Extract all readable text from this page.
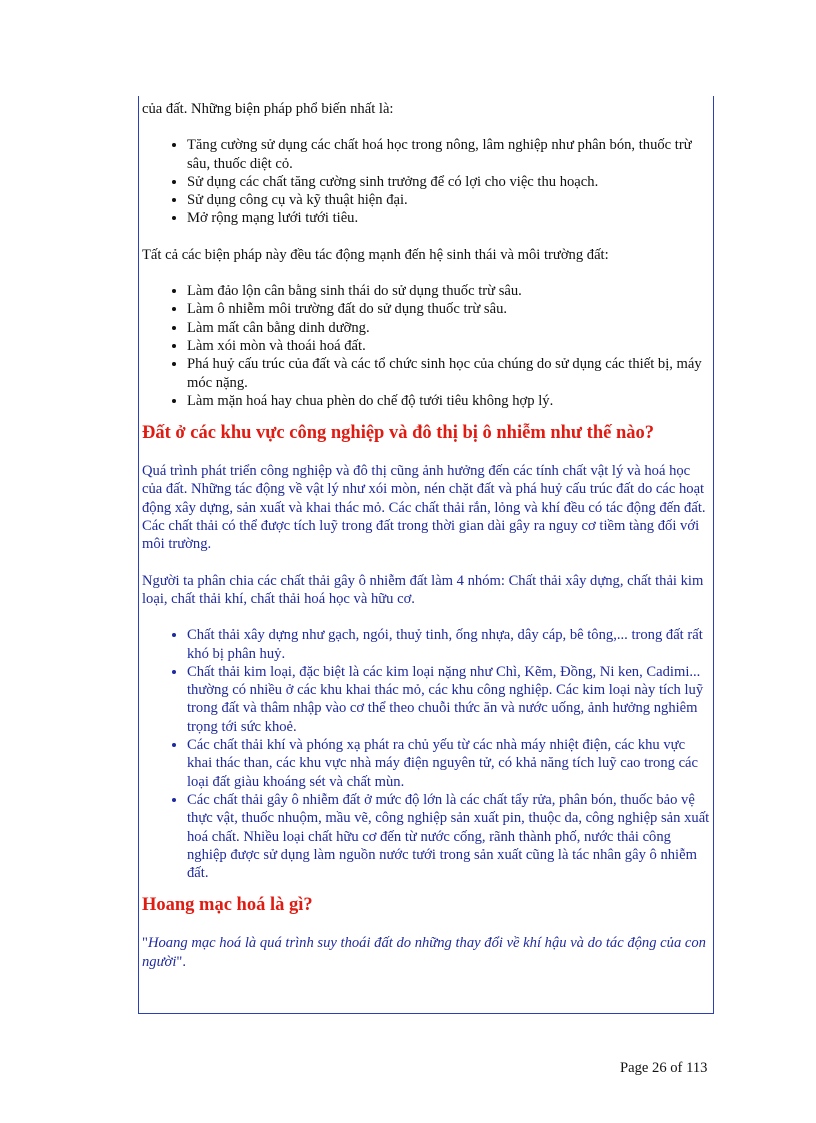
của đất. Những biện pháp phổ biến nhất là:

• Tăng cường sử dụng các chất hoá học trong nông, lâm nghiệp như phân bón, thuốc trừ sâu, thuốc diệt cỏ.
• Sử dụng các chất tăng cường sinh trưởng để có lợi cho việc thu hoạch.
• Sử dụng công cụ và kỹ thuật hiện đại.
• Mở rộng mạng lưới tưới tiêu.

Tất cả các biện pháp này đều tác động mạnh đến hệ sinh thái và môi trường đất:

• Làm đảo lộn cân bằng sinh thái do sử dụng thuốc trừ sâu.
• Làm ô nhiễm môi trường đất do sử dụng thuốc trừ sâu.
• Làm mất cân bằng dinh dưỡng.
• Làm xói mòn và thoái hoá đất.
• Phá huỷ cấu trúc của đất và các tổ chức sinh học của chúng do sử dụng các thiết bị, máy móc nặng.
• Làm mặn hoá hay chua phèn do chế độ tưới tiêu không hợp lý.
Đất ở các khu vực công nghiệp và đô thị bị ô nhiễm như thế nào?

Quá trình phát triển công nghiệp và đô thị cũng ảnh hưởng đến các tính chất vật lý và hoá học của đất. Những tác động về vật lý như xói mòn, nén chặt đất và phá huỷ cấu trúc đất do các hoạt động xây dựng, sản xuất và khai thác mỏ. Các chất thải rắn, lỏng và khí đều có tác động đến đất. Các chất thải có thể được tích luỹ trong đất trong thời gian dài gây ra nguy cơ tiềm tàng đối với môi trường.

Người ta phân chia các chất thải gây ô nhiễm đất làm 4 nhóm: Chất thải xây dựng, chất thải kim loại, chất thải khí, chất thải hoá học và hữu cơ.

• Chất thải xây dựng như gạch, ngói, thuỷ tinh, ống nhựa, dây cáp, bê tông,... trong đất rất khó bị phân huỷ.
• Chất thải kim loại, đặc biệt là các kim loại nặng như Chì, Kẽm, Đồng, Ni ken, Cadimi... thường có nhiều ở các khu khai thác mỏ, các khu công nghiệp. Các kim loại này tích luỹ trong đất và thâm nhập vào cơ thể theo chuỗi thức ăn và nước uống, ảnh hưởng nghiêm trọng tới sức khoẻ.
• Các chất thải khí và phóng xạ phát ra chủ yếu từ các nhà máy nhiệt điện, các khu vực khai thác than, các khu vực nhà máy điện nguyên tử, có khả năng tích luỹ cao trong các loại đất giàu khoáng sét và chất mùn.
• Các chất thải gây ô nhiễm đất ở mức độ lớn là các chất tẩy rửa, phân bón, thuốc bảo vệ thực vật, thuốc nhuộm, mầu vẽ, công nghiệp sản xuất pin, thuộc da, công nghiệp sản xuất hoá chất. Nhiều loại chất hữu cơ đến từ nước cống, rãnh thành phố, nước thải công nghiệp được sử dụng làm nguồn nước tưới trong sản xuất cũng là tác nhân gây ô nhiễm đất.
Hoang mạc hoá là gì?

"Hoang mạc hoá là quá trình suy thoái đất do những thay đổi về khí hậu và do tác động của con người".

Page 26 of 113
